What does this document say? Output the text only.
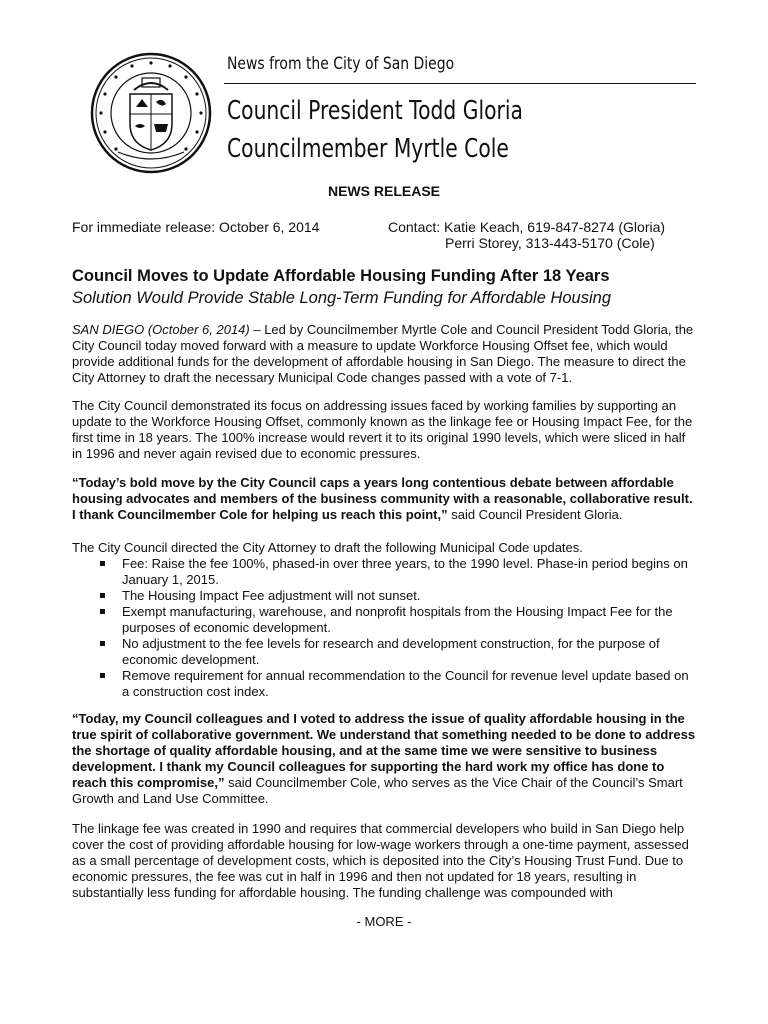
News from the City of San Diego
Council President Todd Gloria
Councilmember Myrtle Cole
NEWS RELEASE
For immediate release: October 6, 2014	Contact: Katie Keach, 619-847-8274 (Gloria)
Perri Storey, 313-443-5170 (Cole)
Council Moves to Update Affordable Housing Funding After 18 Years
Solution Would Provide Stable Long-Term Funding for Affordable Housing
SAN DIEGO (October 6, 2014) – Led by Councilmember Myrtle Cole and Council President Todd Gloria, the City Council today moved forward with a measure to update Workforce Housing Offset fee, which would provide additional funds for the development of affordable housing in San Diego. The measure to direct the City Attorney to draft the necessary Municipal Code changes passed with a vote of 7-1.
The City Council demonstrated its focus on addressing issues faced by working families by supporting an update to the Workforce Housing Offset, commonly known as the linkage fee or Housing Impact Fee, for the first time in 18 years. The 100% increase would revert it to its original 1990 levels, which were sliced in half in 1996 and never again revised due to economic pressures.
“Today’s bold move by the City Council caps a years long contentious debate between affordable housing advocates and members of the business community with a reasonable, collaborative result. I thank Councilmember Cole for helping us reach this point,” said Council President Gloria.
The City Council directed the City Attorney to draft the following Municipal Code updates.
Fee: Raise the fee 100%, phased-in over three years, to the 1990 level. Phase-in period begins on January 1, 2015.
The Housing Impact Fee adjustment will not sunset.
Exempt manufacturing, warehouse, and nonprofit hospitals from the Housing Impact Fee for the purposes of economic development.
No adjustment to the fee levels for research and development construction, for the purpose of economic development.
Remove requirement for annual recommendation to the Council for revenue level update based on a construction cost index.
“Today, my Council colleagues and I voted to address the issue of quality affordable housing in the true spirit of collaborative government. We understand that something needed to be done to address the shortage of quality affordable housing, and at the same time we were sensitive to business development. I thank my Council colleagues for supporting the hard work my office has done to reach this compromise,” said Councilmember Cole, who serves as the Vice Chair of the Council’s Smart Growth and Land Use Committee.
The linkage fee was created in 1990 and requires that commercial developers who build in San Diego help cover the cost of providing affordable housing for low-wage workers through a one-time payment, assessed as a small percentage of development costs, which is deposited into the City’s Housing Trust Fund. Due to economic pressures, the fee was cut in half in 1996 and then not updated for 18 years, resulting in substantially less funding for affordable housing. The funding challenge was compounded with
- MORE -
